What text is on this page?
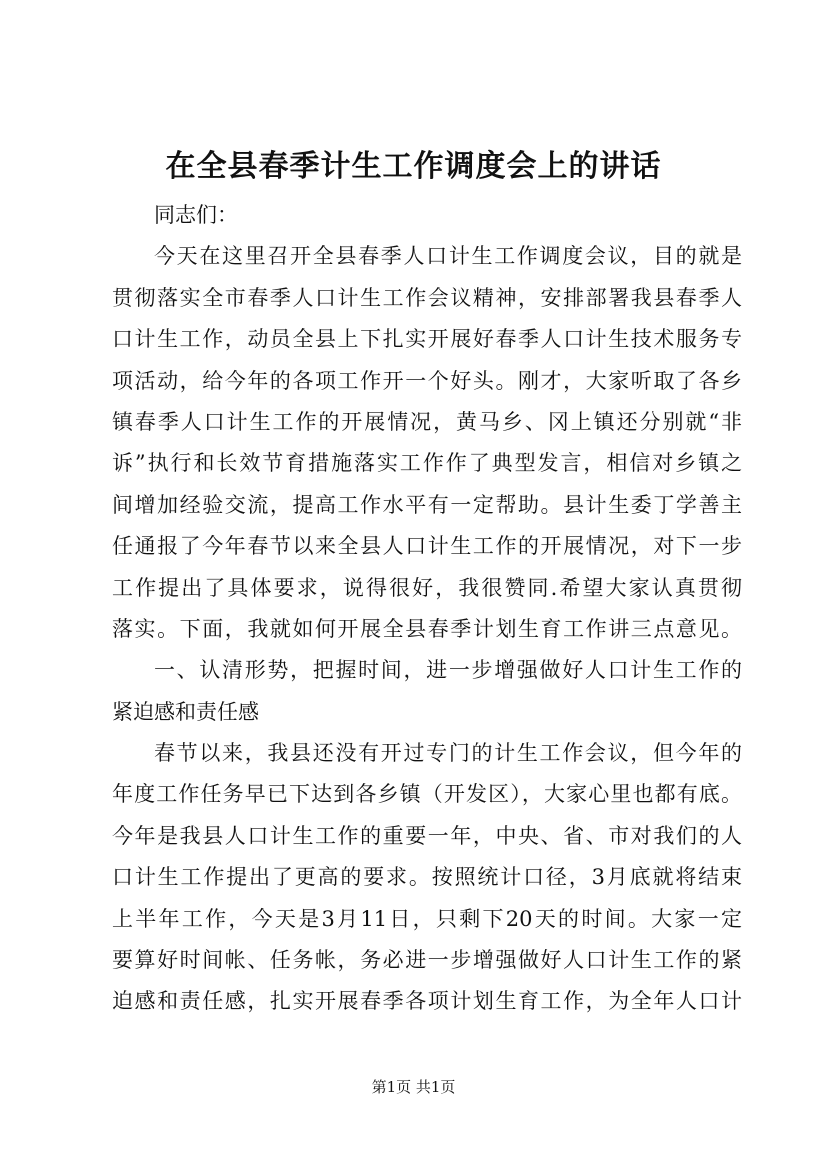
在全县春季计生工作调度会上的讲话
同志们：
今天在这里召开全县春季人口计生工作调度会议，目的就是
贯彻落实全市春季人口计生工作会议精神，安排部署我县春季人
口计生工作，动员全县上下扎实开展好春季人口计生技术服务专
项活动，给今年的各项工作开一个好头。刚才，大家听取了各乡
镇春季人口计生工作的开展情况，黄马乡、冈上镇还分别就“非
诉”执行和长效节育措施落实工作作了典型发言，相信对乡镇之
间增加经验交流，提高工作水平有一定帮助。县计生委丁学善主
任通报了今年春节以来全县人口计生工作的开展情况，对下一步
工作提出了具体要求，说得很好，我很赞同.希望大家认真贯彻
落实。下面，我就如何开展全县春季计划生育工作讲三点意见。
一、认清形势，把握时间，进一步增强做好人口计生工作的
紧迫感和责任感
春节以来，我县还没有开过专门的计生工作会议，但今年的
年度工作任务早已下达到各乡镇（开发区），大家心里也都有底。
今年是我县人口计生工作的重要一年，中央、省、市对我们的人
口计生工作提出了更高的要求。按照统计口径，3月底就将结束
上半年工作，今天是3月11日，只剩下20天的时间。大家一定
要算好时间帐、任务帐，务必进一步增强做好人口计生工作的紧
迫感和责任感，扎实开展春季各项计划生育工作，为全年人口计
第1页 共1页
